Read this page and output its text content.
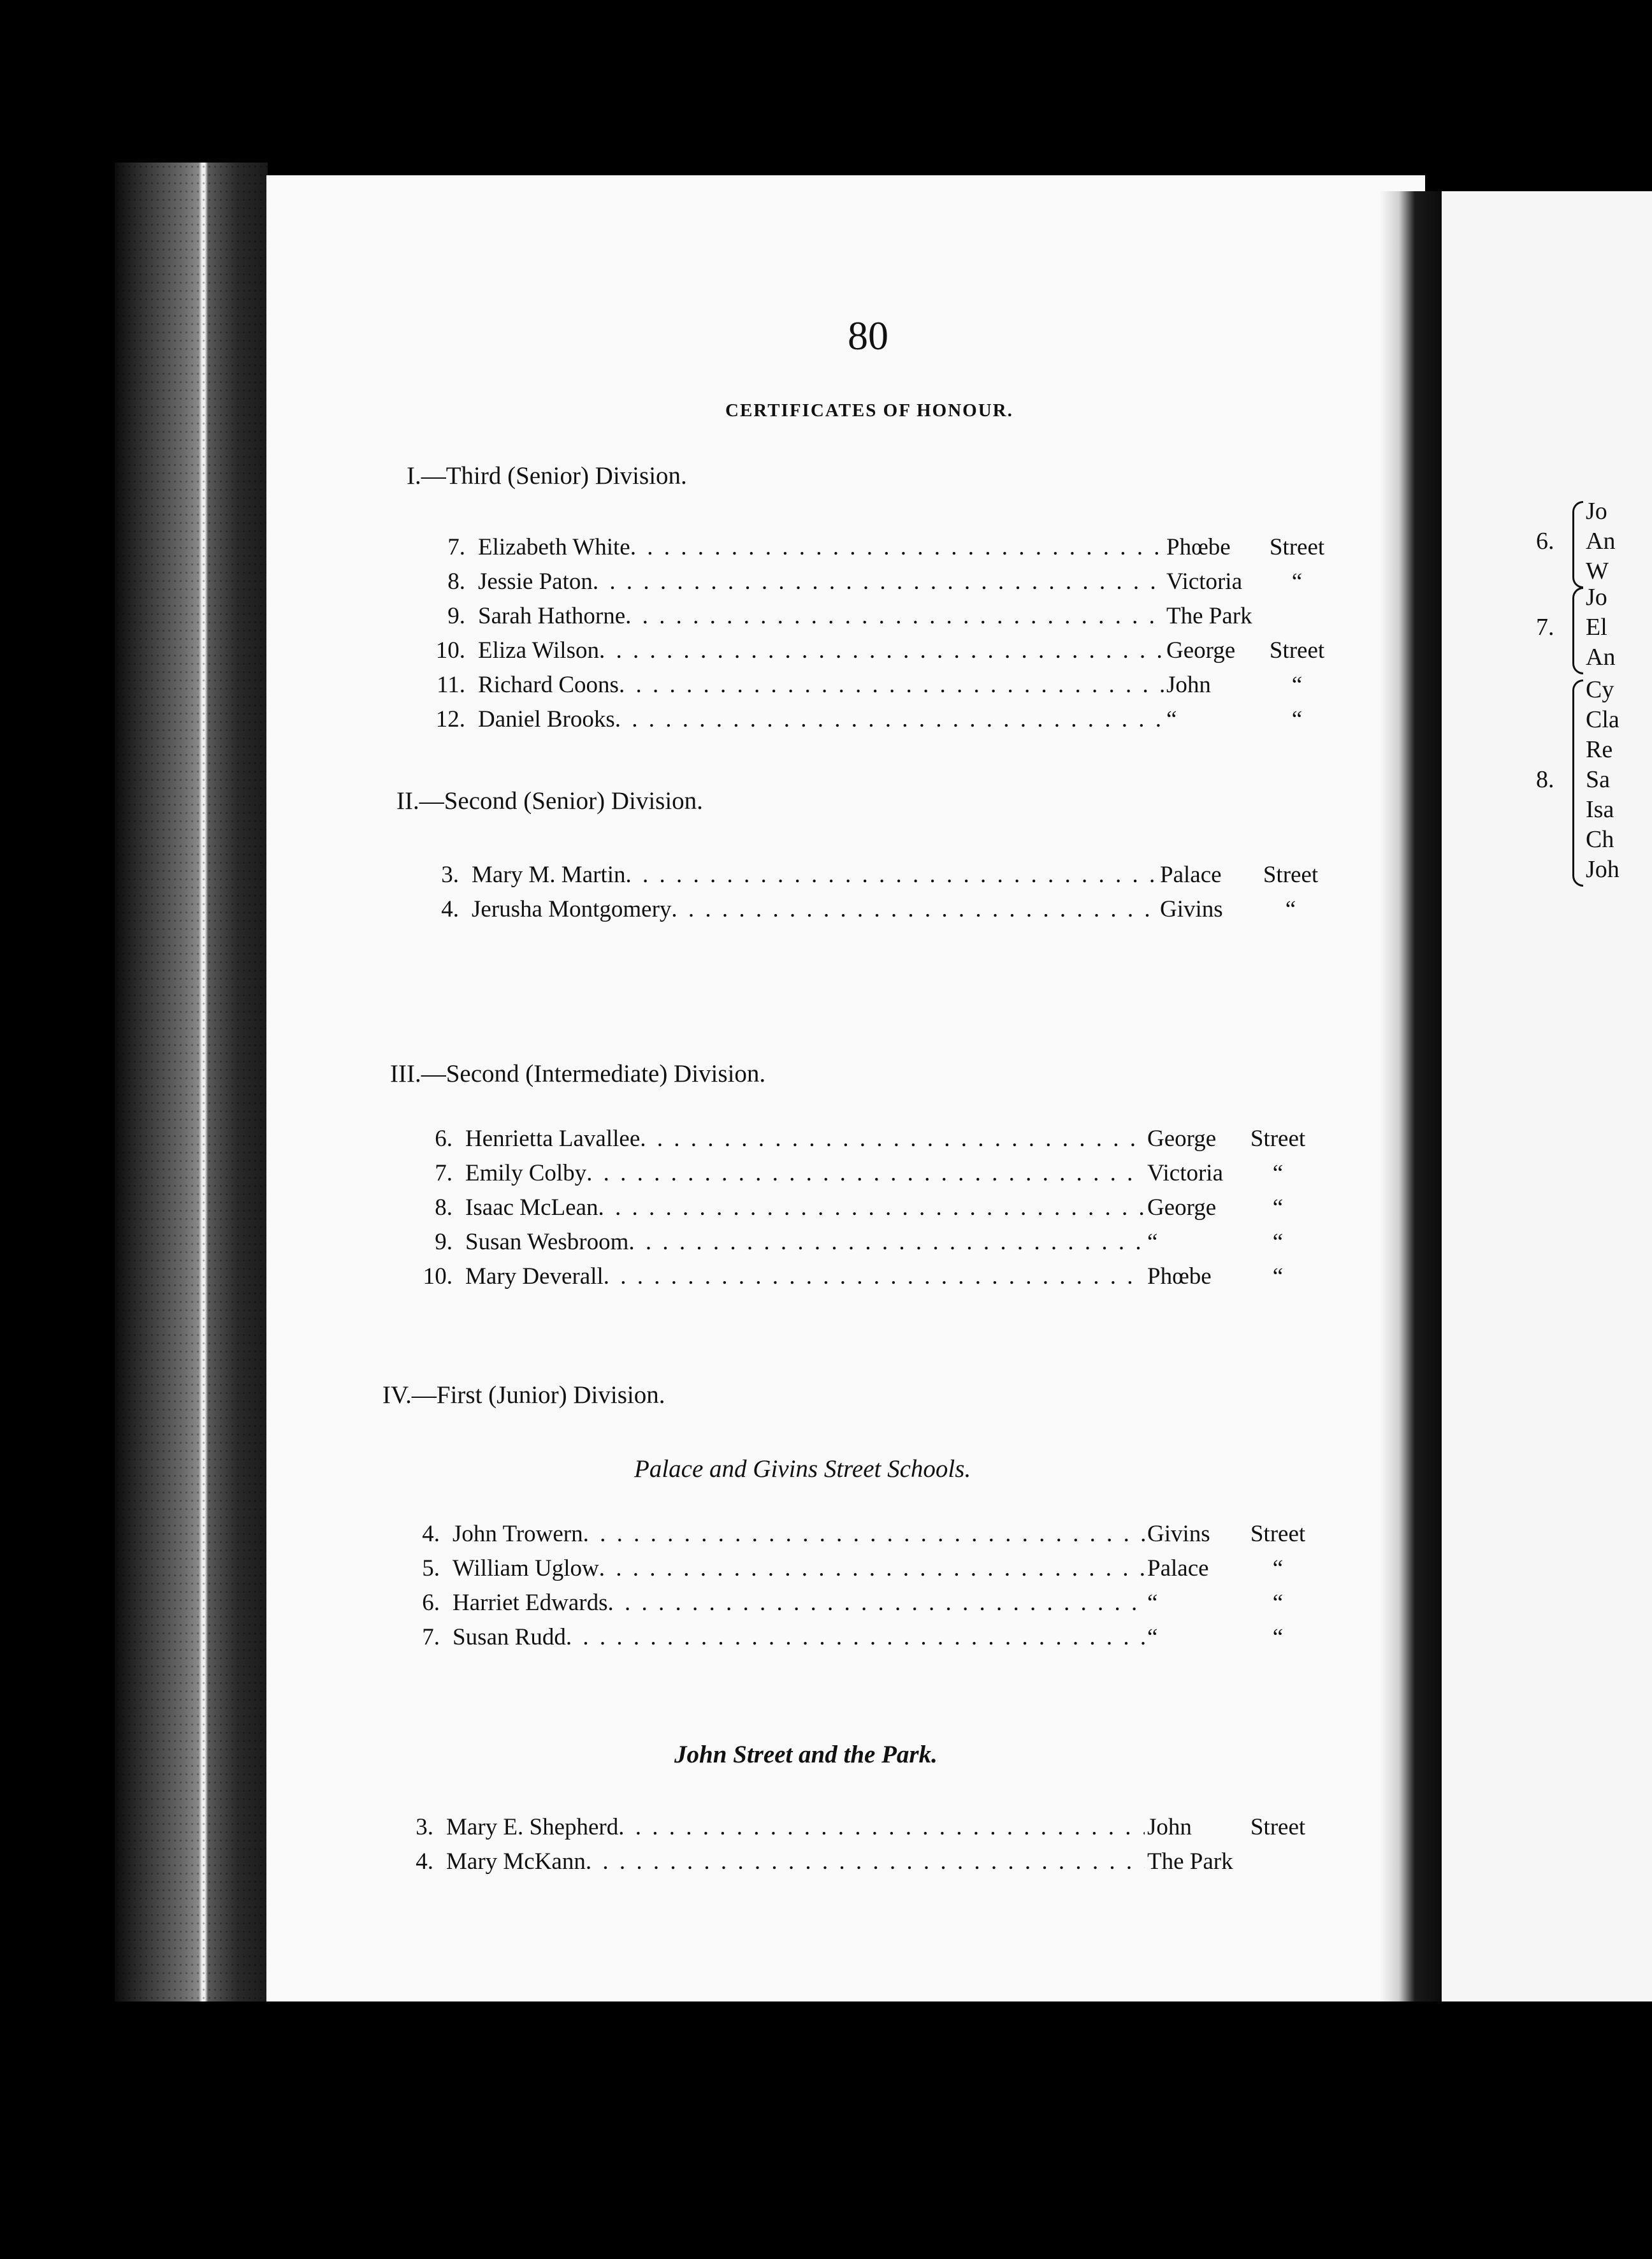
80
CERTIFICATES OF HONOUR.
I.—Third (Senior) Division.
7. Elizabeth White . . .	Phœbe	Street
8. Jessie Paton . . .	Victoria	“
9. Sarah Hathorne . . .	The Park
10. Eliza Wilson . . .	George	Street
11. Richard Coons . . .	John	“
12. Daniel Brooks . . .	“	“
II.—Second (Senior) Division.
3. Mary M. Martin . . .	Palace	Street
4. Jerusha Montgomery . . .	Givins	“
III.—Second (Intermediate) Division.
6. Henrietta Lavallee . . .	George	Street
7. Emily Colby . . .	Victoria	“
8. Isaac McLean . . .	George	“
9. Susan Wesbroom . . .	“	“
10. Mary Deverall . . .	Phœbe	“
IV.—First (Junior) Division.
Palace and Givins Street Schools.
4. John Trowern . . .	Givins	Street
5. William Uglow . . .	Palace	“
6. Harriet Edwards . . .	“	“
7. Susan Rudd . . .	“	“
John Street and the Park.
3. Mary E. Shepherd . . .	John	Street
4. Mary McKann . . .	The Park
6.
Jo
An
W
7.
Jo
El
An
8.
Cy
Cla
Re
Sa
Isa
Ch
Joh
